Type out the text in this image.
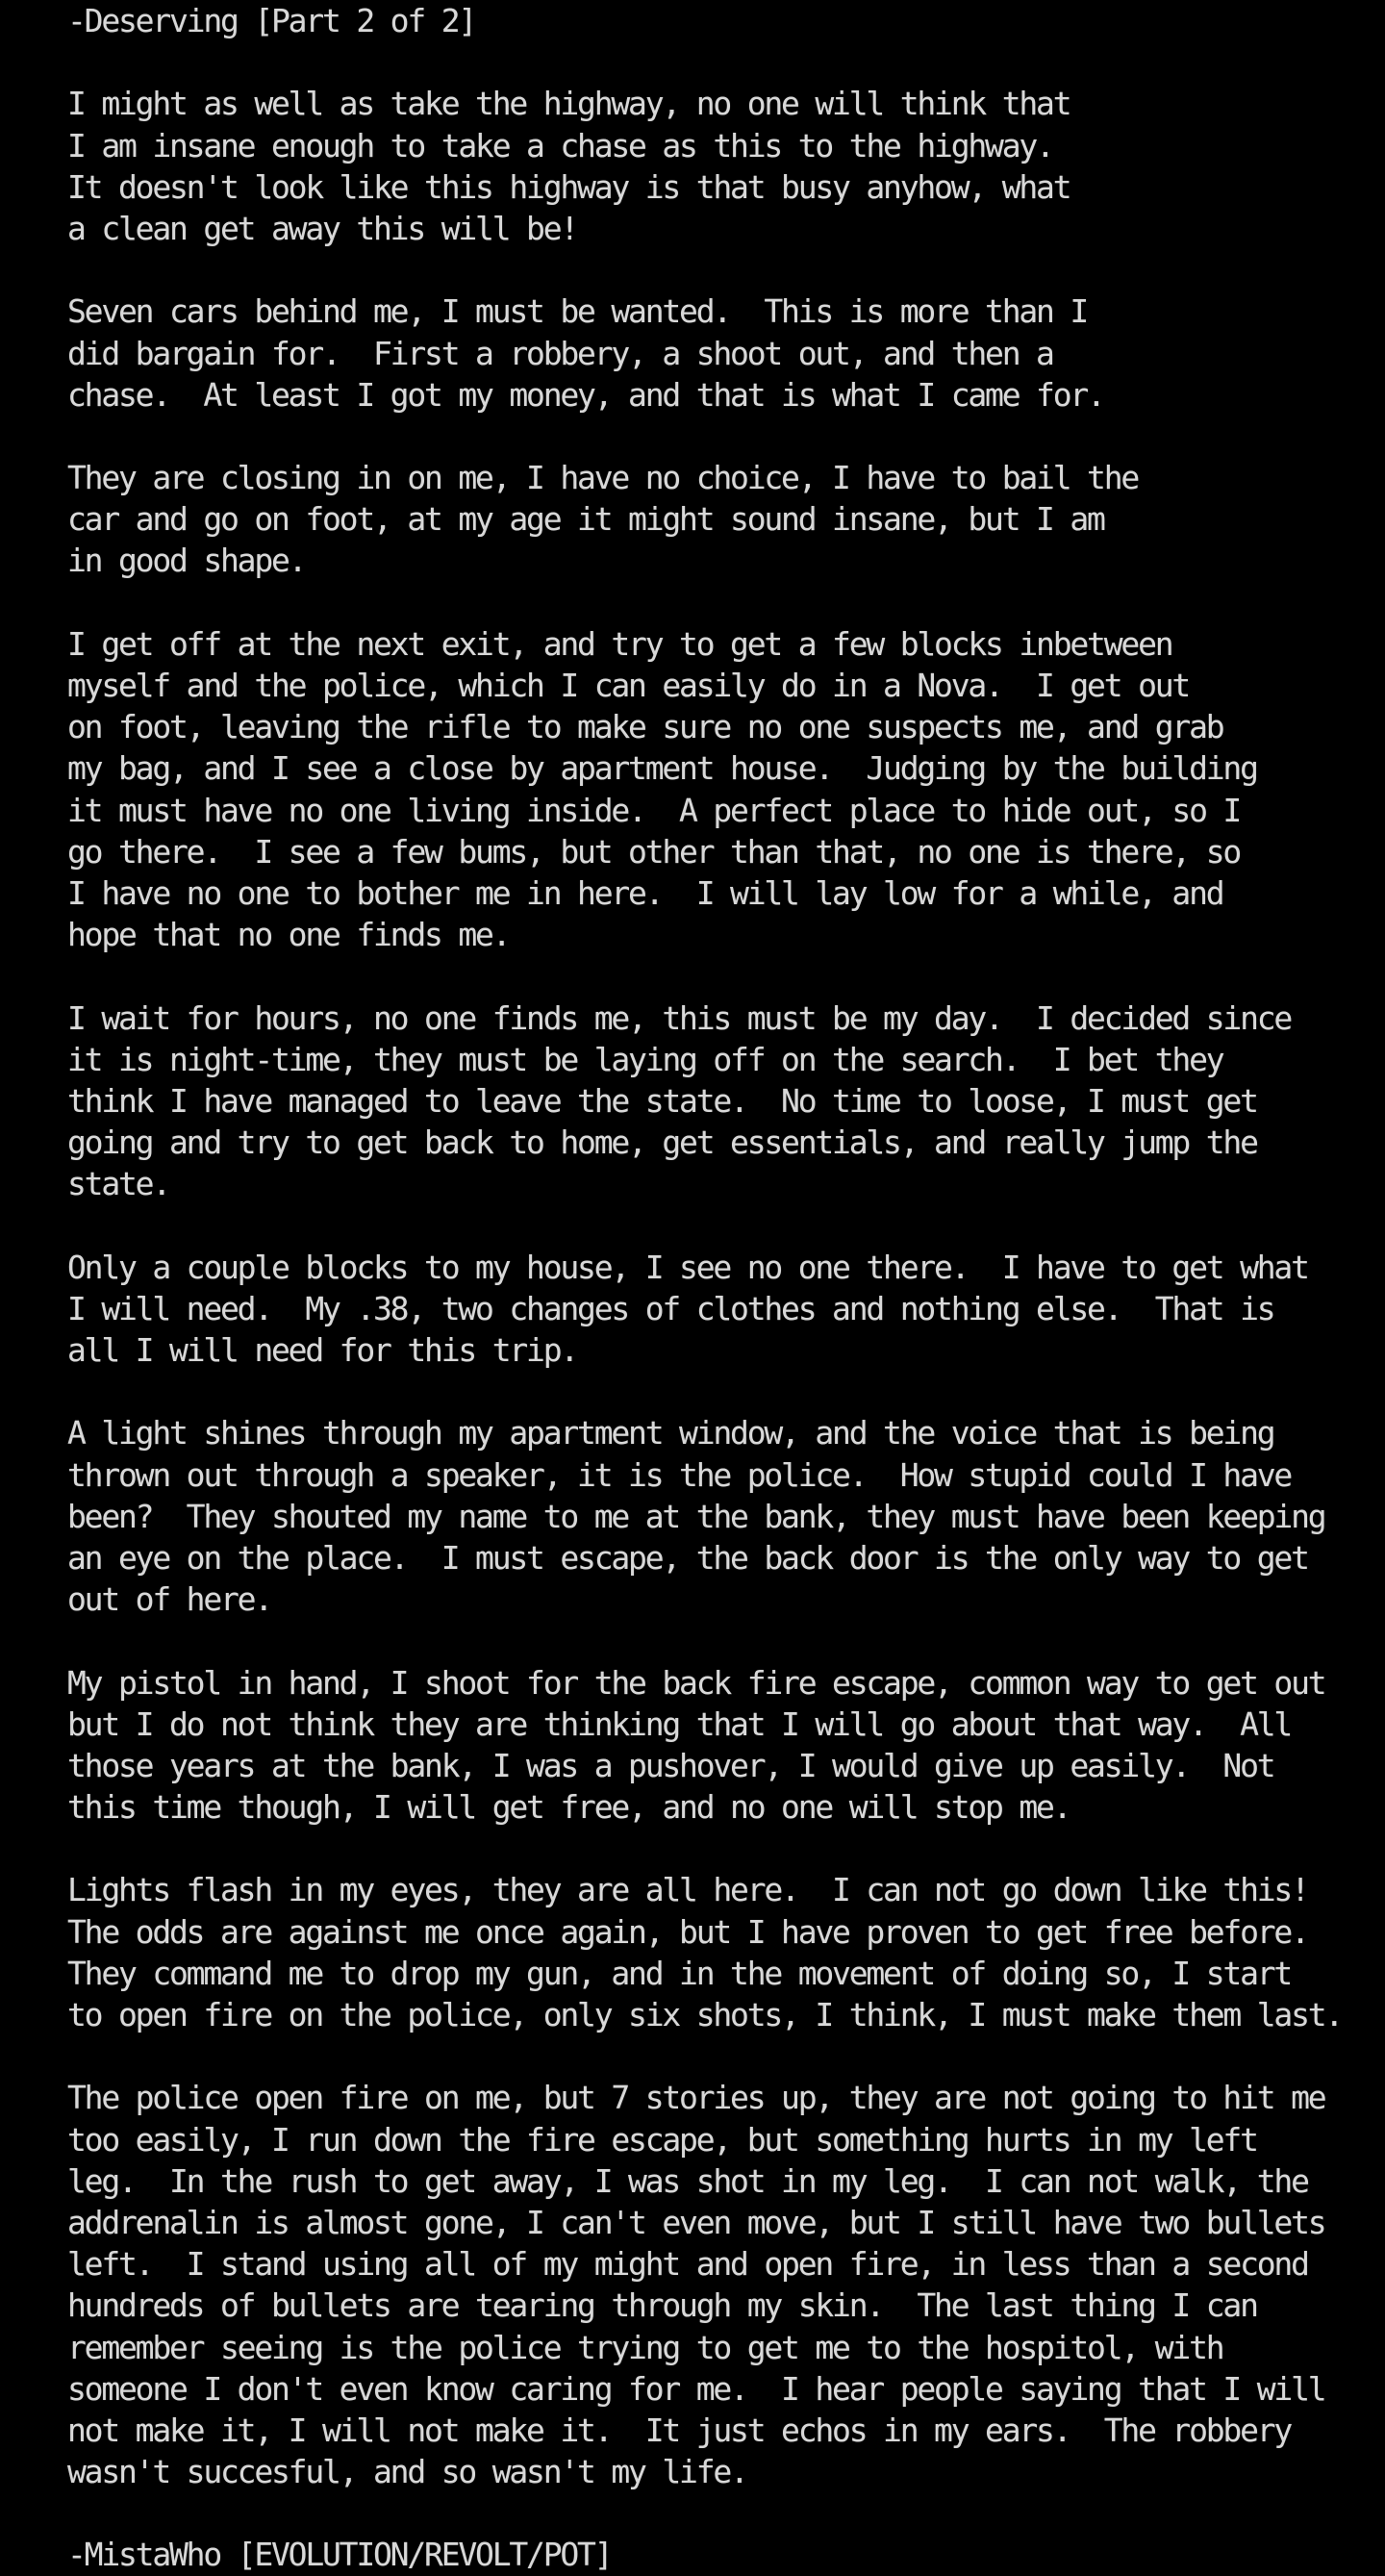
-Deserving [Part 2 of 2]
I might as well as take the highway, no one will think that
I am insane enough to take a chase as this to the highway.
It doesn't look like this highway is that busy anyhow, what
a clean get away this will be!
Seven cars behind me, I must be wanted.  This is more than I
did bargain for.  First a robbery, a shoot out, and then a
chase.  At least I got my money, and that is what I came for.
They are closing in on me, I have no choice, I have to bail the
car and go on foot, at my age it might sound insane, but I am
in good shape.
I get off at the next exit, and try to get a few blocks inbetween
myself and the police, which I can easily do in a Nova.  I get out
on foot, leaving the rifle to make sure no one suspects me, and grab
my bag, and I see a close by apartment house.  Judging by the building
it must have no one living inside.  A perfect place to hide out, so I
go there.  I see a few bums, but other than that, no one is there, so
I have no one to bother me in here.  I will lay low for a while, and
hope that no one finds me.
I wait for hours, no one finds me, this must be my day.  I decided since
it is night-time, they must be laying off on the search.  I bet they
think I have managed to leave the state.  No time to loose, I must get
going and try to get back to home, get essentials, and really jump the
state.
Only a couple blocks to my house, I see no one there.  I have to get what
I will need.  My .38, two changes of clothes and nothing else.  That is
all I will need for this trip.
A light shines through my apartment window, and the voice that is being
thrown out through a speaker, it is the police.  How stupid could I have
been?  They shouted my name to me at the bank, they must have been keeping
an eye on the place.  I must escape, the back door is the only way to get
out of here.
My pistol in hand, I shoot for the back fire escape, common way to get out
but I do not think they are thinking that I will go about that way.  All
those years at the bank, I was a pushover, I would give up easily.  Not
this time though, I will get free, and no one will stop me.
Lights flash in my eyes, they are all here.  I can not go down like this!
The odds are against me once again, but I have proven to get free before.
They command me to drop my gun, and in the movement of doing so, I start
to open fire on the police, only six shots, I think, I must make them last.
The police open fire on me, but 7 stories up, they are not going to hit me
too easily, I run down the fire escape, but something hurts in my left
leg.  In the rush to get away, I was shot in my leg.  I can not walk, the
addrenalin is almost gone, I can't even move, but I still have two bullets
left.  I stand using all of my might and open fire, in less than a second
hundreds of bullets are tearing through my skin.  The last thing I can
remember seeing is the police trying to get me to the hospitol, with
someone I don't even know caring for me.  I hear people saying that I will
not make it, I will not make it.  It just echos in my ears.  The robbery
wasn't succesful, and so wasn't my life.
-MistaWho [EVOLUTION/REVOLT/POT]
